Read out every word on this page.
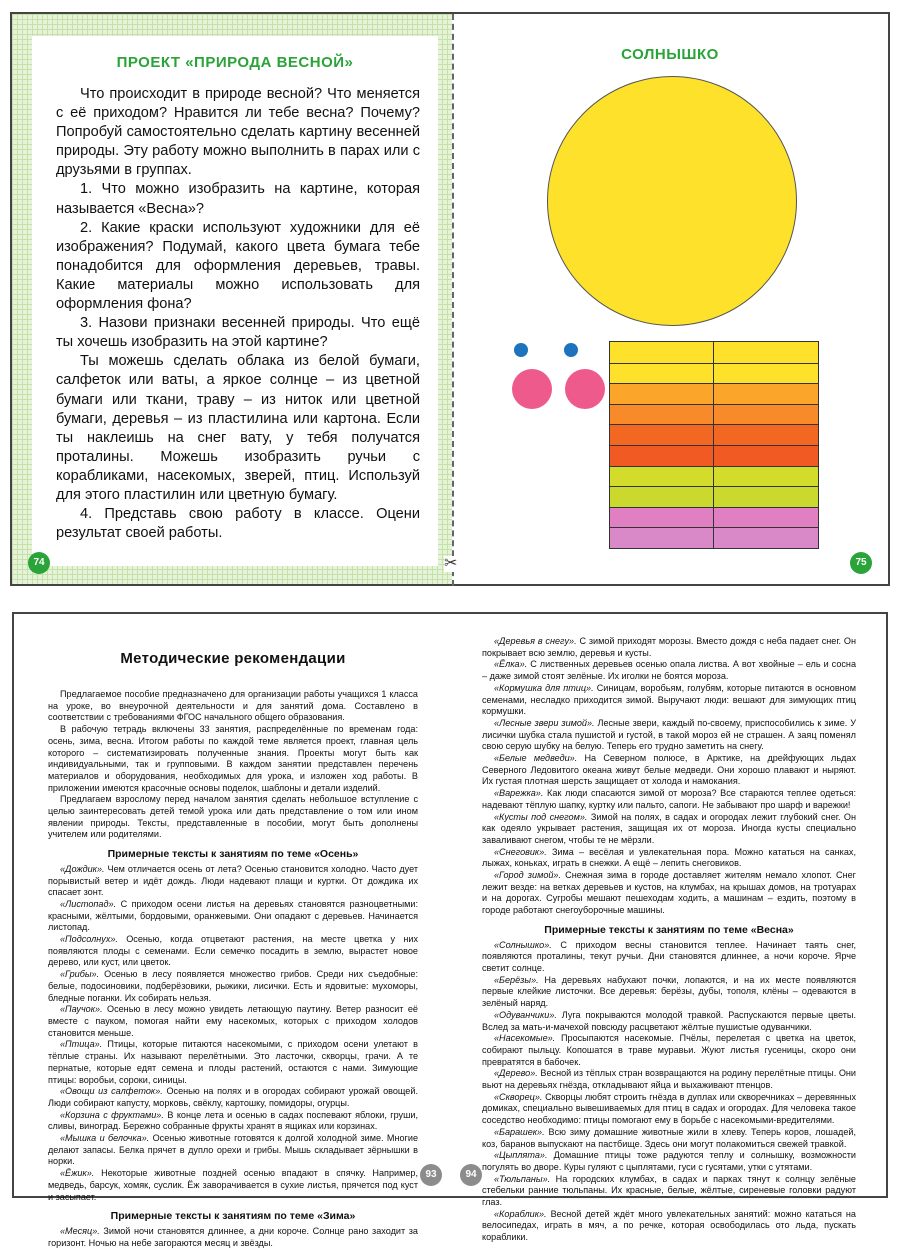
ПРОЕКТ «ПРИРОДА ВЕСНОЙ»

Что происходит в природе весной? Что меняется с её приходом? Нравится ли тебе весна? Почему? Попробуй самостоятельно сделать картину весенней природы. Эту работу можно выполнить в парах или с друзьями в группах.

1. Что можно изобразить на картине, которая называется «Весна»?

2. Какие краски используют художники для её изображения? Подумай, какого цвета бумага тебе понадобится для оформления деревьев, травы. Какие материалы можно использовать для оформления фона?

3. Назови признаки весенней природы. Что ещё ты хочешь изобразить на этой картине?

Ты можешь сделать облака из белой бумаги, салфеток или ваты, а яркое солнце – из цветной бумаги или ткани, траву – из ниток или цветной бумаги, деревья – из пластилина или картона. Если ты наклеишь на снег вату, у тебя получатся проталины. Можешь изобразить ручьи с корабликами, насекомых, зверей, птиц. Используй для этого пластилин или цветную бумагу.

4. Представь свою работу в классе. Оцени результат своей работы.

74
СОЛНЫШКО
75
✂
Методические рекомендации

Предлагаемое пособие предназначено для организации работы учащихся 1 класса на уроке, во внеурочной деятельности и для занятий дома. Составлено в соответствии с требованиями ФГОС начального общего образования.

В рабочую тетрадь включены 33 занятия, распределённые по временам года: осень, зима, весна. Итогом работы по каждой теме является проект, главная цель которого – систематизировать полученные знания. Проекты могут быть как индивидуальными, так и групповыми. В каждом занятии представлен перечень материалов и оборудования, необходимых для урока, и изложен ход работы. В приложении имеются красочные основы поделок, шаблоны и детали изделий.

Предлагаем взрослому перед началом занятия сделать небольшое вступление с целью заинтересовать детей темой урока или дать представление о том или ином явлении природы. Тексты, представленные в пособии, могут быть дополнены учителем или родителями.

Примерные тексты к занятиям по теме «Осень»

«Дождик». Чем отличается осень от лета? Осенью становится холодно. Часто дует порывистый ветер и идёт дождь. Люди надевают плащи и куртки. От дождика их спасает зонт.

«Листопад». С приходом осени листья на деревьях становятся разноцветными: красными, жёлтыми, бордовыми, оранжевыми. Они опадают с деревьев. Начинается листопад.

«Подсолнух». Осенью, когда отцветают растения, на месте цветка у них появляются плоды с семенами. Если семечко посадить в землю, вырастет новое дерево, или куст, или цветок.

«Грибы». Осенью в лесу появляется множество грибов. Среди них съедобные: белые, подосиновики, подберёзовики, рыжики, лисички. Есть и ядовитые: мухоморы, бледные поганки. Их собирать нельзя.

«Паучок». Осенью в лесу можно увидеть летающую паутину. Ветер разносит её вместе с пауком, помогая найти ему насекомых, которых с приходом холодов становится меньше.

«Птица». Птицы, которые питаются насекомыми, с приходом осени улетают в тёплые страны. Их называют перелётными. Это ласточки, скворцы, грачи. А те пернатые, которые едят семена и плоды растений, остаются с нами. Зимующие птицы: воробьи, сороки, синицы.

«Овощи из салфеток». Осенью на полях и в огородах собирают урожай овощей. Люди собирают капусту, морковь, свёклу, картошку, помидоры, огурцы.

«Корзина с фруктами». В конце лета и осенью в садах поспевают яблоки, груши, сливы, виноград. Бережно собранные фрукты хранят в ящиках или корзинах.

«Мышка и белочка». Осенью животные готовятся к долгой холодной зиме. Многие делают запасы. Белка прячет в дупло орехи и грибы. Мышь складывает зёрнышки в норки.

«Ёжик». Некоторые животные поздней осенью впадают в спячку. Например, медведь, барсук, хомяк, суслик. Ёж заворачивается в сухие листья, прячется под куст и засыпает.

Примерные тексты к занятиям по теме «Зима»

«Месяц». Зимой ночи становятся длиннее, а дни короче. Солнце рано заходит за горизонт. Ночью на небе загораются месяц и звёзды.

93

«Деревья в снегу». С зимой приходят морозы. Вместо дождя с неба падает снег. Он покрывает всю землю, деревья и кусты.

«Ёлка». С лиственных деревьев осенью опала листва. А вот хвойные – ель и сосна – даже зимой стоят зелёные. Их иголки не боятся мороза.

«Кормушка для птиц». Синицам, воробьям, голубям, которые питаются в основном семенами, несладко приходится зимой. Выручают люди: вешают для зимующих птиц кормушки.

«Лесные звери зимой». Лесные звери, каждый по-своему, приспособились к зиме. У лисички шубка стала пушистой и густой, в такой мороз ей не страшен. А заяц поменял свою серую шубку на белую. Теперь его трудно заметить на снегу.

«Белые медведи». На Северном полюсе, в Арктике, на дрейфующих льдах Северного Ледовитого океана живут белые медведи. Они хорошо плавают и ныряют. Их густая плотная шерсть защищает от холода и намокания.

«Варежка». Как люди спасаются зимой от мороза? Все стараются теплее одеться: надевают тёплую шапку, куртку или пальто, сапоги. Не забывают про шарф и варежки!

«Кусты под снегом». Зимой на полях, в садах и огородах лежит глубокий снег. Он как одеяло укрывает растения, защищая их от мороза. Иногда кусты специально заваливают снегом, чтобы те не мёрзли.

«Снеговик». Зима – весёлая и увлекательная пора. Можно кататься на санках, лыжах, коньках, играть в снежки. А ещё – лепить снеговиков.

«Город зимой». Снежная зима в городе доставляет жителям немало хлопот. Снег лежит везде: на ветках деревьев и кустов, на клумбах, на крышах домов, на тротуарах и на дорогах. Сугробы мешают пешеходам ходить, а машинам – ездить, поэтому в городе работают снегоуборочные машины.

Примерные тексты к занятиям по теме «Весна»

«Солнышко». С приходом весны становится теплее. Начинает таять снег, появляются проталины, текут ручьи. Дни становятся длиннее, а ночи короче. Ярче светит солнце.

«Берёзы». На деревьях набухают почки, лопаются, и на их месте появляются первые клейкие листочки. Все деревья: берёзы, дубы, тополя, клёны – одеваются в зелёный наряд.

«Одуванчики». Луга покрываются молодой травкой. Распускаются первые цветы. Вслед за мать-и-мачехой повсюду расцветают жёлтые пушистые одуванчики.

«Насекомые». Просыпаются насекомые. Пчёлы, перелетая с цветка на цветок, собирают пыльцу. Копошатся в траве муравьи. Жуют листья гусеницы, скоро они превратятся в бабочек.

«Дерево». Весной из тёплых стран возвращаются на родину перелётные птицы. Они вьют на деревьях гнёзда, откладывают яйца и выхаживают птенцов.

«Скворец». Скворцы любят строить гнёзда в дуплах или скворечниках – деревянных домиках, специально вывешиваемых для птиц в садах и огородах. Для человека такое соседство необходимо: птицы помогают ему в борьбе с насекомыми-вредителями.

«Барашек». Всю зиму домашние животные жили в хлеву. Теперь коров, лошадей, коз, баранов выпускают на пастбище. Здесь они могут полакомиться свежей травкой.

«Цыплята». Домашние птицы тоже радуются теплу и солнышку, возможности погулять во дворе. Куры гуляют с цыплятами, гуси с гусятами, утки с утятами.

«Тюльпаны». На городских клумбах, в садах и парках тянут к солнцу зелёные стебельки ранние тюльпаны. Их красные, белые, жёлтые, сиреневые головки радуют глаз.

«Кораблик». Весной детей ждёт много увлекательных занятий: можно кататься на велосипедах, играть в мяч, а по речке, которая освободилась ото льда, пускать кораблики.

94
